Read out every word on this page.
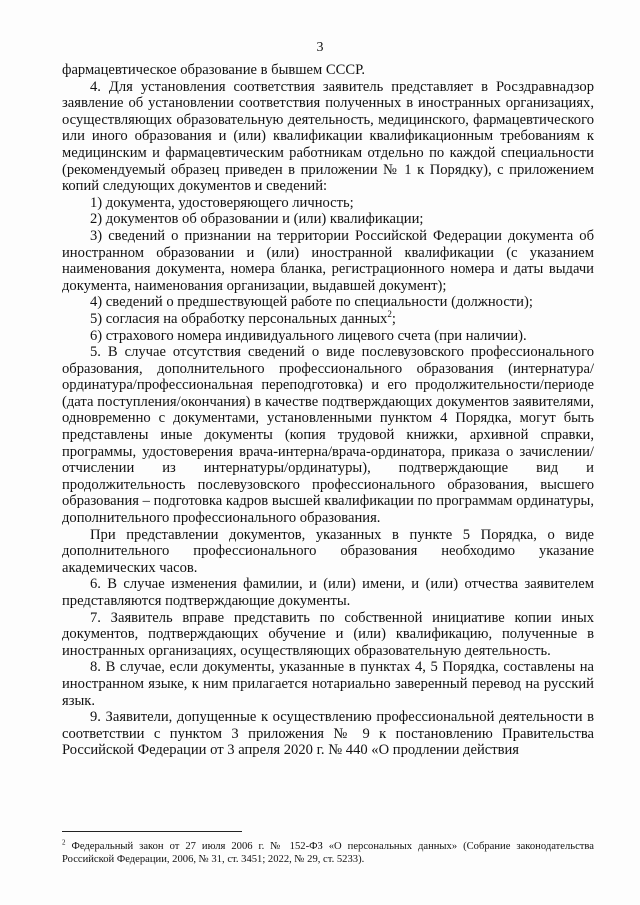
3

фармацевтическое образование в бывшем СССР.

4. Для установления соответствия заявитель представляет в Росздравнадзор заявление об установлении соответствия полученных в иностранных организациях, осуществляющих образовательную деятельность, медицинского, фармацевтического или иного образования и (или) квалификации квалификационным требованиям к медицинским и фармацевтическим работникам отдельно по каждой специальности (рекомендуемый образец приведен в приложении № 1 к Порядку), с приложением копий следующих документов и сведений:

1) документа, удостоверяющего личность;

2) документов об образовании и (или) квалификации;

3) сведений о признании на территории Российской Федерации документа об иностранном образовании и (или) иностранной квалификации (с указанием наименования документа, номера бланка, регистрационного номера и даты выдачи документа, наименования организации, выдавшей документ);

4) сведений о предшествующей работе по специальности (должности);

5) согласия на обработку персональных данных$^2$;

6) страхового номера индивидуального лицевого счета (при наличии).

5. В случае отсутствия сведений о виде послевузовского профессионального образования, дополнительного профессионального образования (интернатура/ ординатура/профессиональная переподготовка) и его продолжительности/периоде (дата поступления/окончания) в качестве подтверждающих документов заявителями, одновременно с документами, установленными пунктом 4 Порядка, могут быть представлены иные документы (копия трудовой книжки, архивной справки, программы, удостоверения врача-интерна/врача-ординатора, приказа о зачислении/отчислении из интернатуры/ординатуры), подтверждающие вид и продолжительность послевузовского профессионального образования, высшего образования – подготовка кадров высшей квалификации по программам ординатуры, дополнительного профессионального образования.

При представлении документов, указанных в пункте 5 Порядка, о виде дополнительного профессионального образования необходимо указание академических часов.

6. В случае изменения фамилии, и (или) имени, и (или) отчества заявителем представляются подтверждающие документы.

7. Заявитель вправе представить по собственной инициативе копии иных документов, подтверждающих обучение и (или) квалификацию, полученные в иностранных организациях, осуществляющих образовательную деятельность.

8. В случае, если документы, указанные в пунктах 4, 5 Порядка, составлены на иностранном языке, к ним прилагается нотариально заверенный перевод на русский язык.

9. Заявители, допущенные к осуществлению профессиональной деятельности в соответствии с пунктом 3 приложения № 9 к постановлению Правительства Российской Федерации от 3 апреля 2020 г. № 440 «О продлении действия

$^2$ Федеральный закон от 27 июля 2006 г. № 152-ФЗ «О персональных данных» (Собрание законодательства Российской Федерации, 2006, № 31, ст. 3451; 2022, № 29, ст. 5233).
